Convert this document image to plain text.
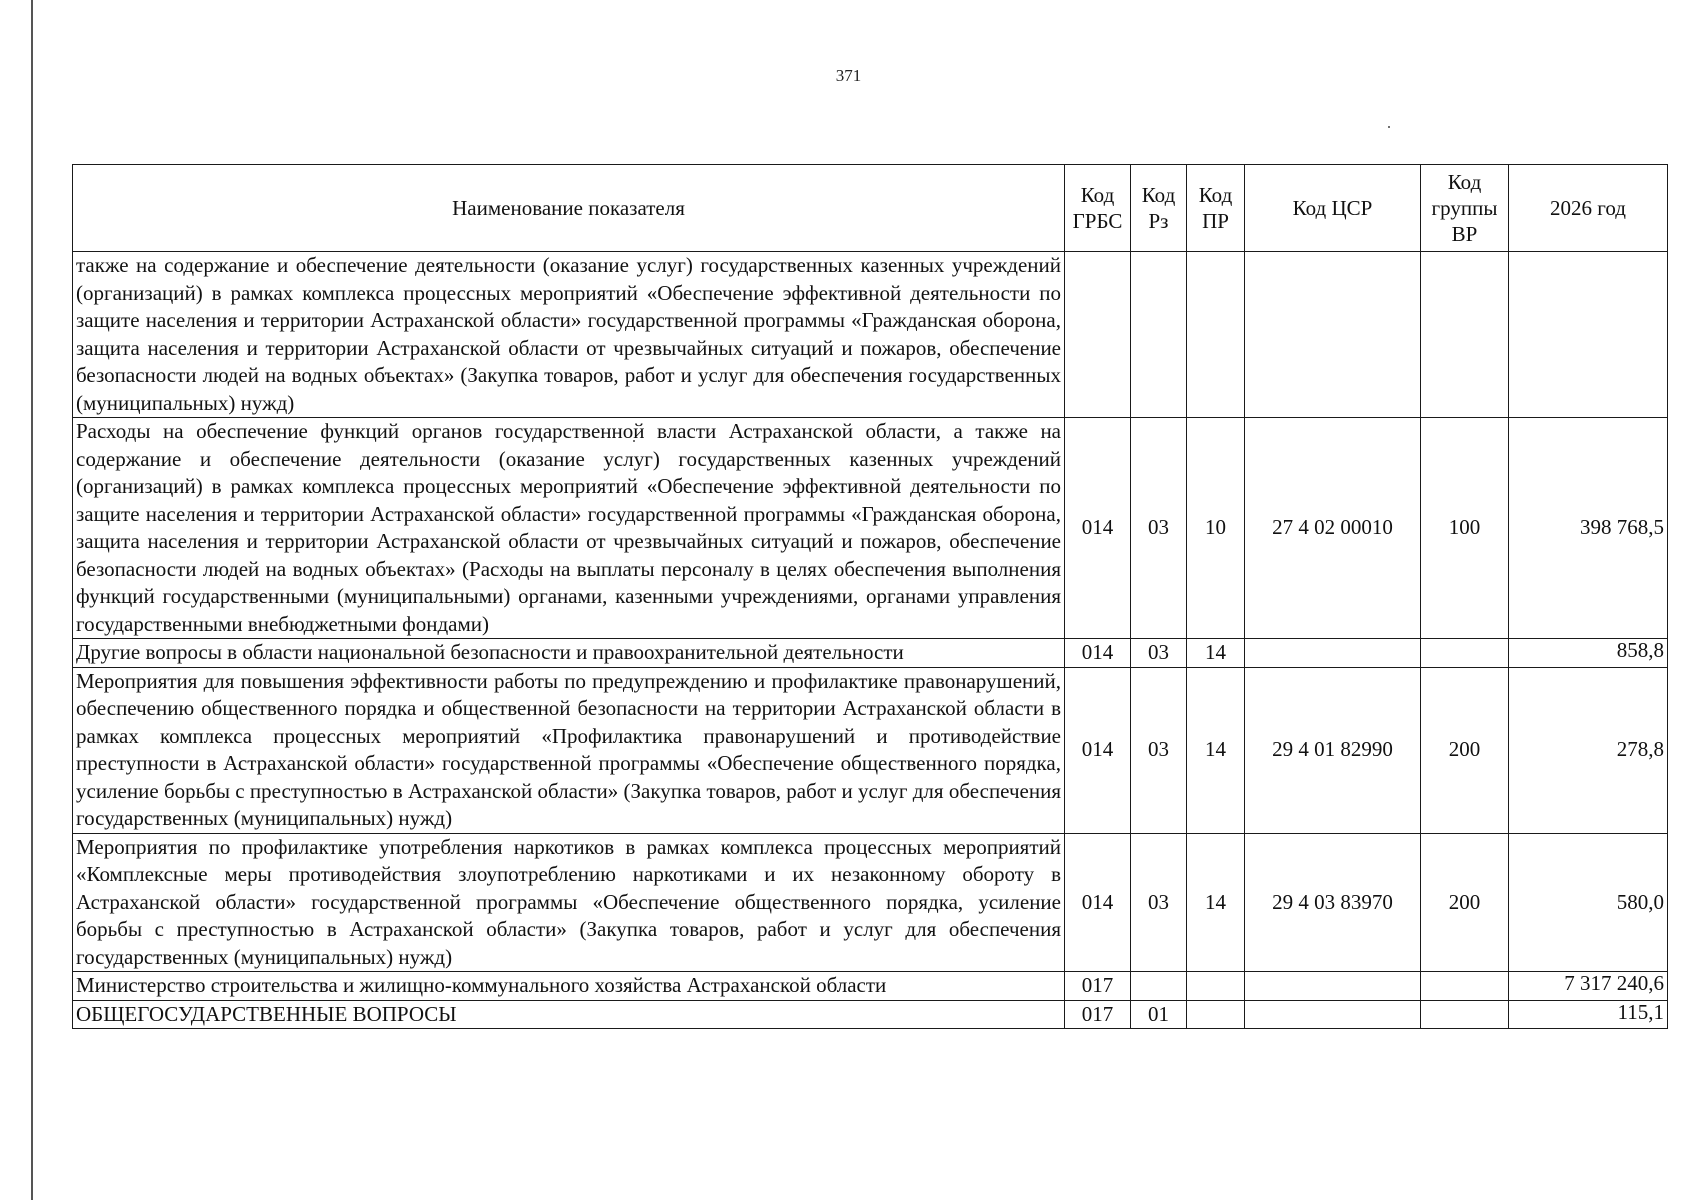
371
Наименование показателя	Код ГРБС	Код Рз	Код ПР	Код ЦСР	Код группы ВР	2026 год
также на содержание и обеспечение деятельности (оказание услуг) государственных казенных учреждений (организаций) в рамках комплекса процессных мероприятий «Обеспечение эффективной деятельности по защите населения и территории Астраханской области» государственной программы «Гражданская оборона, защита населения и территории Астраханской области от чрезвычайных ситуаций и пожаров, обеспечение безопасности людей на водных объектах» (Закупка товаров, работ и услуг для обеспечения государственных (муниципальных) нужд)						
Расходы на обеспечение функций органов государственной власти Астраханской области, а также на содержание и обеспечение деятельности (оказание услуг) государственных казенных учреждений (организаций) в рамках комплекса процессных мероприятий «Обеспечение эффективной деятельности по защите населения и территории Астраханской области» государственной программы «Гражданская оборона, защита населения и территории Астраханской области от чрезвычайных ситуаций и пожаров, обеспечение безопасности людей на водных объектах» (Расходы на выплаты персоналу в целях обеспечения выполнения функций государственными (муниципальными) органами, казенными учреждениями, органами управления государственными внебюджетными фондами)	014	03	10	27 4 02 00010	100	398 768,5
Другие вопросы в области национальной безопасности и правоохранительной деятельности	014	03	14			858,8
Мероприятия для повышения эффективности работы по предупреждению и профилактике правонарушений, обеспечению общественного порядка и общественной безопасности на территории Астраханской области в рамках комплекса процессных мероприятий «Профилактика правонарушений и противодействие преступности в Астраханской области» государственной программы «Обеспечение общественного порядка, усиление борьбы с преступностью в Астраханской области» (Закупка товаров, работ и услуг для обеспечения государственных (муниципальных) нужд)	014	03	14	29 4 01 82990	200	278,8
Мероприятия по профилактике употребления наркотиков в рамках комплекса процессных мероприятий «Комплексные меры противодействия злоупотреблению наркотиками и их незаконному обороту в Астраханской области» государственной программы «Обеспечение общественного порядка, усиление борьбы с преступностью в Астраханской области» (Закупка товаров, работ и услуг для обеспечения государственных (муниципальных) нужд)	014	03	14	29 4 03 83970	200	580,0
Министерство строительства и жилищно-коммунального хозяйства Астраханской области	017					7 317 240,6
ОБЩЕГОСУДАРСТВЕННЫЕ ВОПРОСЫ	017	01				115,1
